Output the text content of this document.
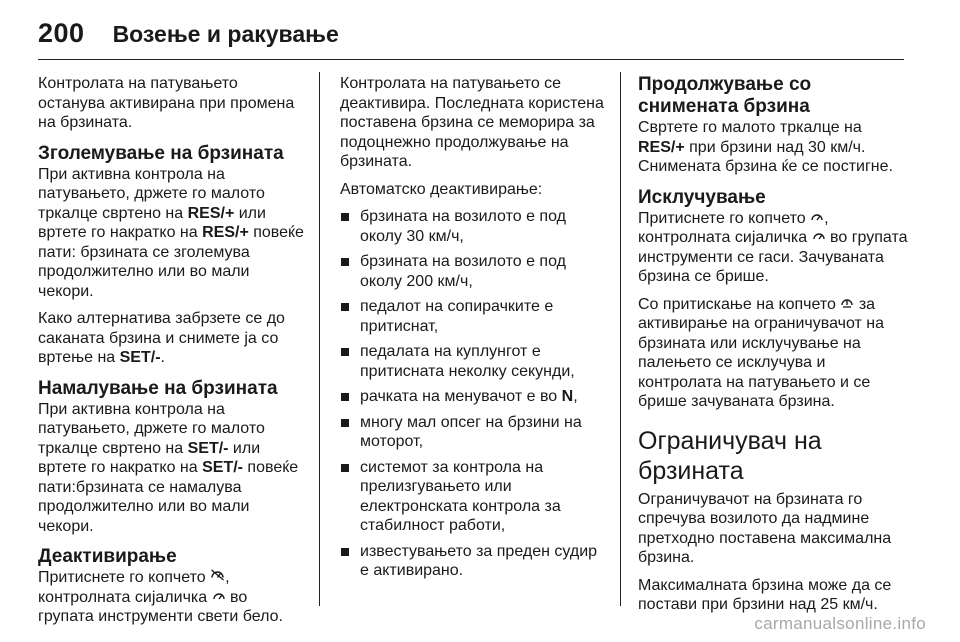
200 Возење и ракување

Контролата на патувањето останува активирана при промена на брзината.

Зголемување на брзината

При активна контрола на патувањето, држете го малото тркалце свртено на RES/+ или вртете го накратко на RES/+ повеќе пати: брзината се зголемува продолжително или во мали чекори.

Како алтернатива забрзете се до саканата брзина и снимете ја со вртење на SET/-.

Намалување на брзината

При активна контрола на патувањето, држете го малото тркалце свртено на SET/- или вртете го накратко на SET/- повеќе пати:брзината се намалува продолжително или во мали чекори.

Деактивирање

Притиснете го копчето , контролната сијаличка  во групата инструменти свети бело.

Контролата на патувањето се деактивира. Последната користена поставена брзина се меморира за подоцнежно продолжување на брзината.

Автоматско деактивирање:

брзината на возилото е под околу 30 км/ч,
брзината на возилото е под околу 200 км/ч,
педалот на сопирачките е притиснат,
педалата на куплунгот е притисната неколку секунди,
рачката на менувачот е во N,
многу мал опсег на брзини на моторот,
системот за контрола на прелизгувањето или електронската контрола за стабилност работи,
известувањето за преден судир е активирано.
Продолжување со снимената брзина

Свртете го малото тркалце на RES/+ при брзини над 30 км/ч. Снимената брзина ќе се постигне.

Исклучување

Притиснете го копчето , контролната сијаличка  во групата инструменти се гаси. Зачуваната брзина се брише.

Со притискање на копчето  за активирање на ограничувачот на брзината или исклучување на палењето се исклучува и контролата на патувањето и се брише зачуваната брзина.

Ограничувач на брзината

Ограничувачот на брзината го спречува возилото да надмине претходно поставена максимална брзина.

Максималната брзина може да се постави при брзини над 25 км/ч.

carmanualsonline.info
